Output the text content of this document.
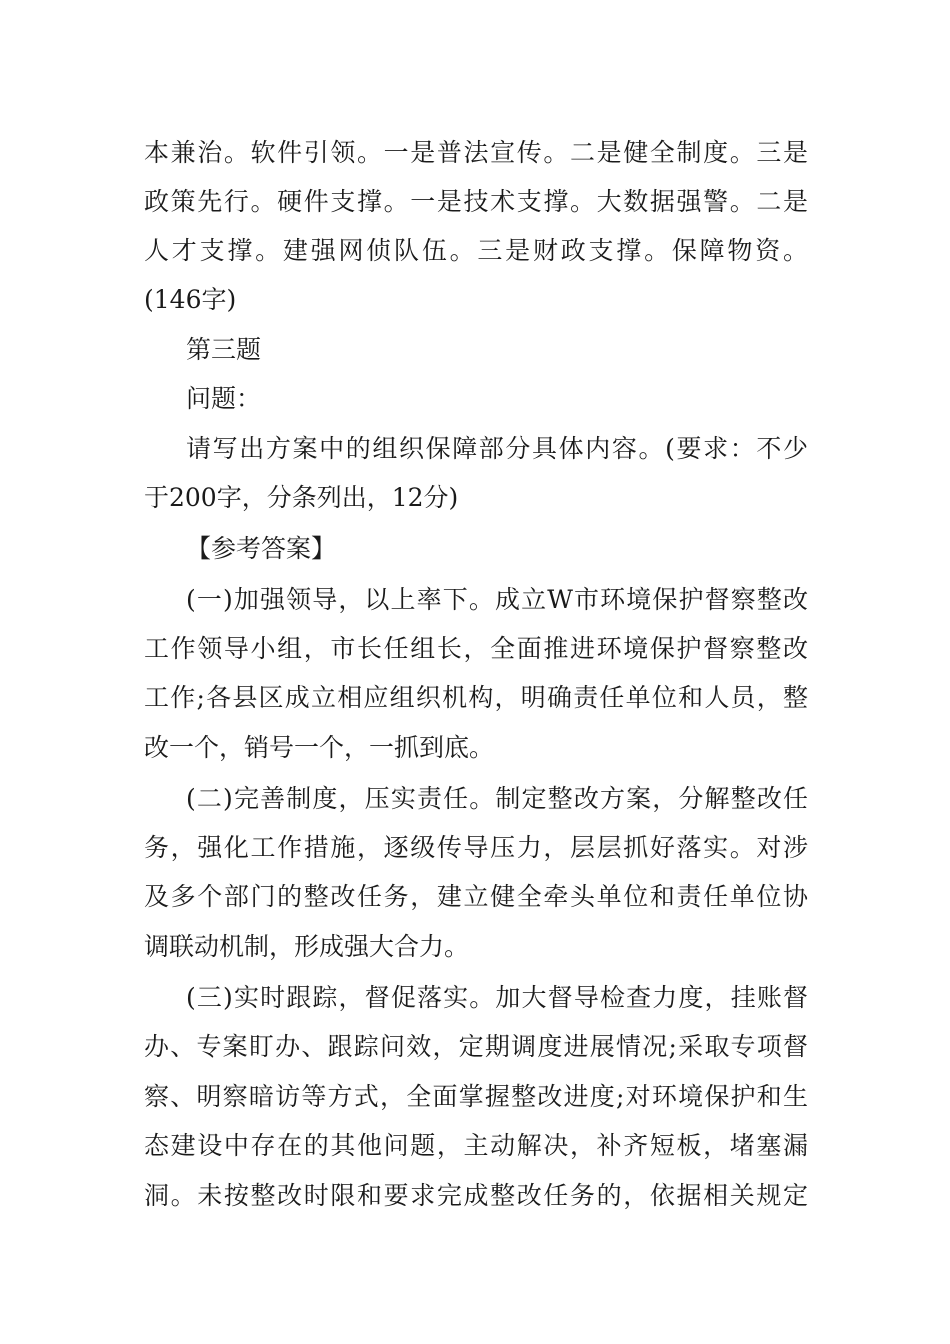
本兼治。软件引领。一是普法宣传。二是健全制度。三是
政策先行。硬件支撑。一是技术支撑。大数据强警。二是
人才支撑。建强网侦队伍。三是财政支撑。保障物资。
(146字)
第三题
问题：
请写出方案中的组织保障部分具体内容。(要求：不少
于200字，分条列出，12分)
【参考答案】
(一)加强领导，以上率下。成立W市环境保护督察整改
工作领导小组，市长任组长，全面推进环境保护督察整改
工作;各县区成立相应组织机构，明确责任单位和人员，整
改一个，销号一个，一抓到底。
(二)完善制度，压实责任。制定整改方案，分解整改任
务，强化工作措施，逐级传导压力，层层抓好落实。对涉
及多个部门的整改任务，建立健全牵头单位和责任单位协
调联动机制，形成强大合力。
(三)实时跟踪，督促落实。加大督导检查力度，挂账督
办、专案盯办、跟踪问效，定期调度进展情况;采取专项督
察、明察暗访等方式，全面掌握整改进度;对环境保护和生
态建设中存在的其他问题，主动解决，补齐短板，堵塞漏
洞。未按整改时限和要求完成整改任务的，依据相关规定
